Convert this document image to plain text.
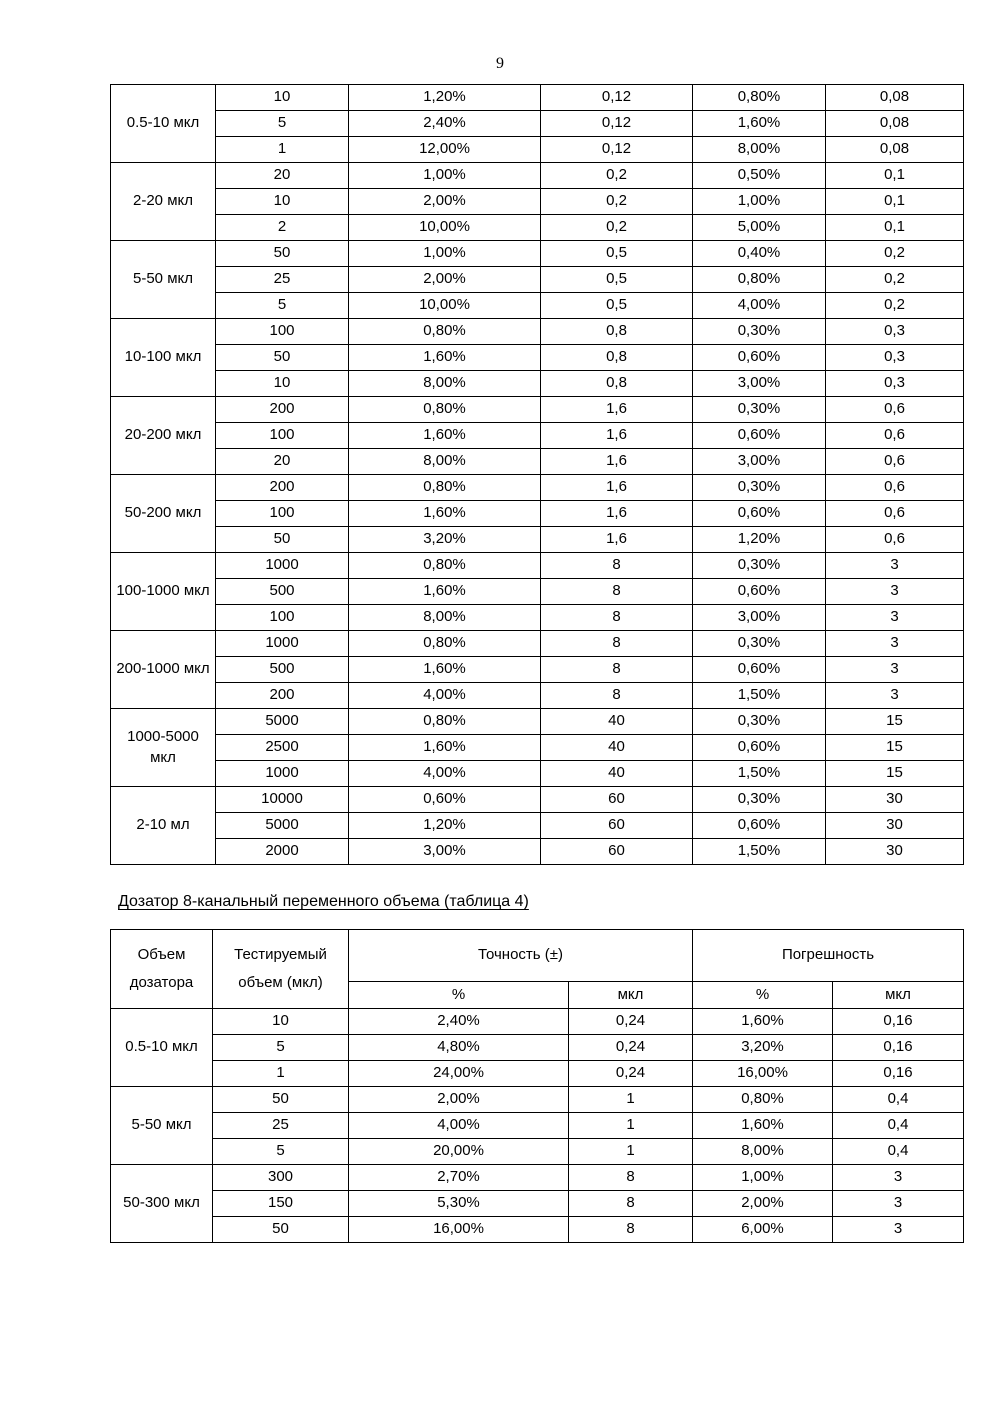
9
0.5-10 мкл	10	1,20%	0,12	0,80%	0,08
	5	2,40%	0,12	1,60%	0,08
	1	12,00%	0,12	8,00%	0,08
2-20 мкл	20	1,00%	0,2	0,50%	0,1
	10	2,00%	0,2	1,00%	0,1
	2	10,00%	0,2	5,00%	0,1
5-50 мкл	50	1,00%	0,5	0,40%	0,2
	25	2,00%	0,5	0,80%	0,2
	5	10,00%	0,5	4,00%	0,2
10-100 мкл	100	0,80%	0,8	0,30%	0,3
	50	1,60%	0,8	0,60%	0,3
	10	8,00%	0,8	3,00%	0,3
20-200 мкл	200	0,80%	1,6	0,30%	0,6
	100	1,60%	1,6	0,60%	0,6
	20	8,00%	1,6	3,00%	0,6
50-200 мкл	200	0,80%	1,6	0,30%	0,6
	100	1,60%	1,6	0,60%	0,6
	50	3,20%	1,6	1,20%	0,6
100-1000 мкл	1000	0,80%	8	0,30%	3
	500	1,60%	8	0,60%	3
	100	8,00%	8	3,00%	3
200-1000 мкл	1000	0,80%	8	0,30%	3
	500	1,60%	8	0,60%	3
	200	4,00%	8	1,50%	3
1000-5000 мкл	5000	0,80%	40	0,30%	15
	2500	1,60%	40	0,60%	15
	1000	4,00%	40	1,50%	15
2-10 мл	10000	0,60%	60	0,30%	30
	5000	1,20%	60	0,60%	30
	2000	3,00%	60	1,50%	30
Дозатор 8-канальный переменного объема (таблица 4)
Объем дозатора	Тестируемый объем (мкл)	Точность (±)		Погрешность	
		%	мкл	%	мкл
0.5-10 мкл	10	2,40%	0,24	1,60%	0,16
	5	4,80%	0,24	3,20%	0,16
	1	24,00%	0,24	16,00%	0,16
5-50 мкл	50	2,00%	1	0,80%	0,4
	25	4,00%	1	1,60%	0,4
	5	20,00%	1	8,00%	0,4
50-300 мкл	300	2,70%	8	1,00%	3
	150	5,30%	8	2,00%	3
	50	16,00%	8	6,00%	3
